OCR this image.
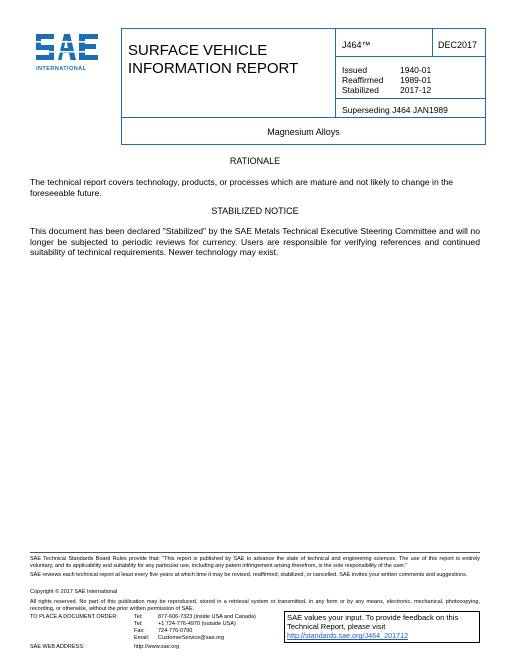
INTERNATIONAL
SURFACE VEHICLE
INFORMATION REPORT
J464™	DEC2017
Issued	1940-01
Reaffirmed 1989-01
Stabilized 2017-12
Superseding J464 JAN1989
Magnesium Alloys
RATIONALE
The technical report covers technology, products, or processes which are mature and not likely to change in the foreseeable future.
STABILIZED NOTICE
This document has been declared "Stabilized" by the SAE Metals Technical Executive Steering Committee and will no longer be subjected to periodic reviews for currency. Users are responsible for verifying references and continued suitability of technical requirements. Newer technology may exist.
SAE Technical Standards Board Rules provide that: "This report is published by SAE to advance the state of technical and engineering sciences. The use of this report is entirely voluntary, and its applicability and suitability for any particular use, including any patent infringement arising therefrom, is the sole responsibility of the user."
SAE reviews each technical report at least every five years at which time it may be revised, reaffirmed, stabilized, or cancelled. SAE invites your written comments and suggestions.
Copyright © 2017 SAE International
All rights reserved. No part of this publication may be reproduced, stored in a retrieval system or transmitted, in any form or by any means, electronic, mechanical, photocopying, recording, or otherwise, without the prior written permission of SAE.
TO PLACE A DOCUMENT ORDER:	Tel:	877-606-7323 (inside USA and Canada)
Tel:	+1 724-776-4970 (outside USA)
Fax: 724-776-0790
Email: CustomerService@sae.org
SAE WEB ADDRESS:	http://www.sae.org
SAE values your input. To provide feedback on this Technical Report, please visit
http://standards.sae.org/J464_201712
